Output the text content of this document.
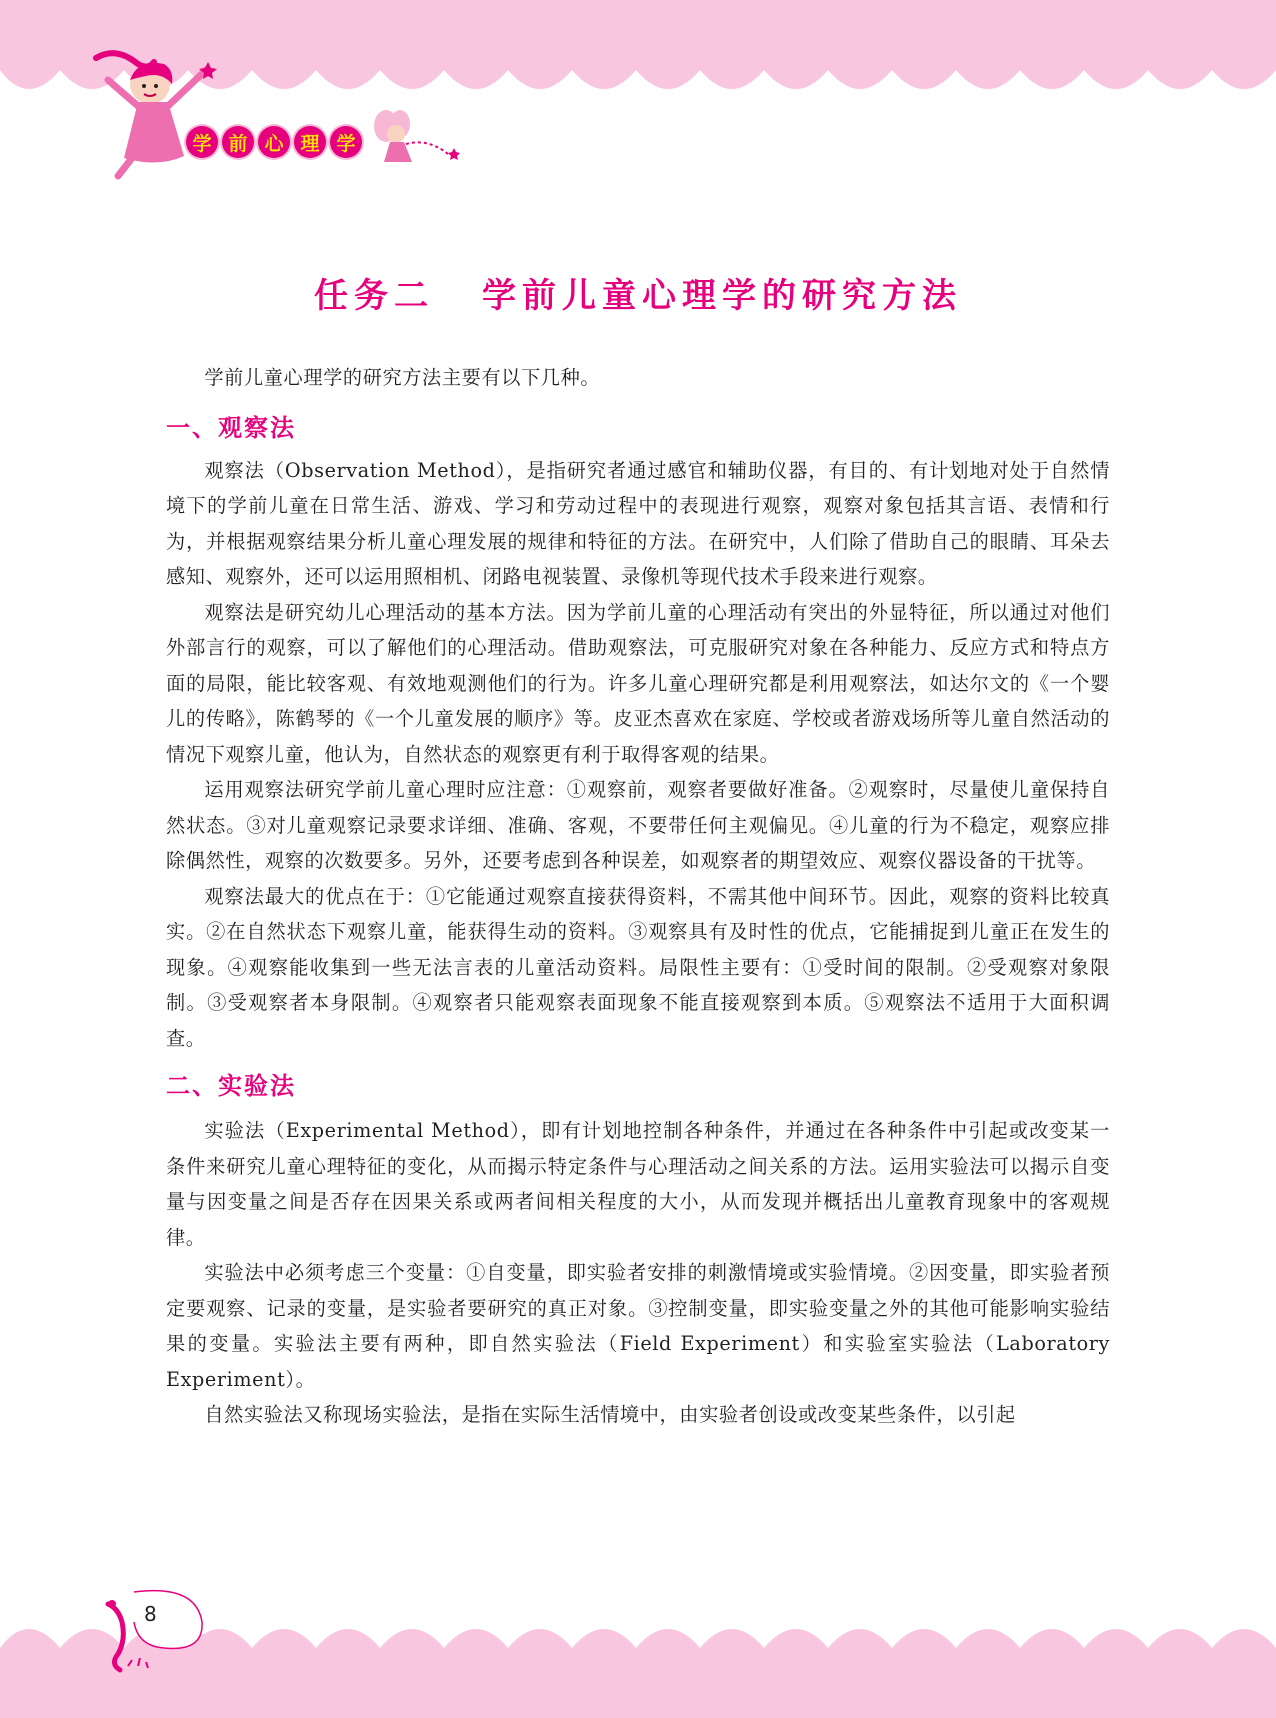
学 前 心 理 学
任务二 学前儿童心理学的研究方法

学前儿童心理学的研究方法主要有以下几种。

一、观察法

观察法（Observation Method），是指研究者通过感官和辅助仪器，有目的、有计划地对处于自然情境下的学前儿童在日常生活、游戏、学习和劳动过程中的表现进行观察，观察对象包括其言语、表情和行为，并根据观察结果分析儿童心理发展的规律和特征的方法。在研究中，人们除了借助自己的眼睛、耳朵去感知、观察外，还可以运用照相机、闭路电视装置、录像机等现代技术手段来进行观察。

观察法是研究幼儿心理活动的基本方法。因为学前儿童的心理活动有突出的外显特征，所以通过对他们外部言行的观察，可以了解他们的心理活动。借助观察法，可克服研究对象在各种能力、反应方式和特点方面的局限，能比较客观、有效地观测他们的行为。许多儿童心理研究都是利用观察法，如达尔文的《一个婴儿的传略》，陈鹤琴的《一个儿童发展的顺序》等。皮亚杰喜欢在家庭、学校或者游戏场所等儿童自然活动的情况下观察儿童，他认为，自然状态的观察更有利于取得客观的结果。

运用观察法研究学前儿童心理时应注意：①观察前，观察者要做好准备。②观察时，尽量使儿童保持自然状态。③对儿童观察记录要求详细、准确、客观，不要带任何主观偏见。④儿童的行为不稳定，观察应排除偶然性，观察的次数要多。另外，还要考虑到各种误差，如观察者的期望效应、观察仪器设备的干扰等。

观察法最大的优点在于：①它能通过观察直接获得资料，不需其他中间环节。因此，观察的资料比较真实。②在自然状态下观察儿童，能获得生动的资料。③观察具有及时性的优点，它能捕捉到儿童正在发生的现象。④观察能收集到一些无法言表的儿童活动资料。局限性主要有：①受时间的限制。②受观察对象限制。③受观察者本身限制。④观察者只能观察表面现象不能直接观察到本质。⑤观察法不适用于大面积调查。

二、实验法

实验法（Experimental Method），即有计划地控制各种条件，并通过在各种条件中引起或改变某一条件来研究儿童心理特征的变化，从而揭示特定条件与心理活动之间关系的方法。运用实验法可以揭示自变量与因变量之间是否存在因果关系或两者间相关程度的大小，从而发现并概括出儿童教育现象中的客观规律。

实验法中必须考虑三个变量：①自变量，即实验者安排的刺激情境或实验情境。②因变量，即实验者预定要观察、记录的变量，是实验者要研究的真正对象。③控制变量，即实验变量之外的其他可能影响实验结果的变量。实验法主要有两种，即自然实验法（Field Experiment）和实验室实验法（Laboratory Experiment）。

自然实验法又称现场实验法，是指在实际生活情境中，由实验者创设或改变某些条件，以引起

8
